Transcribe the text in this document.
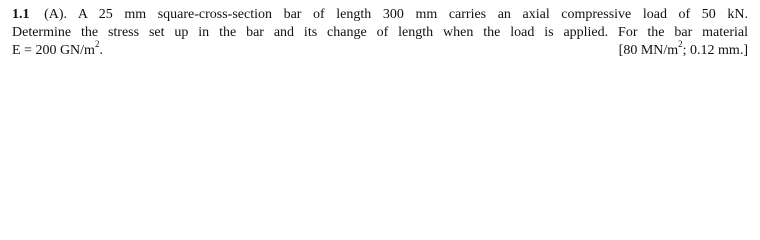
1.1 (A). A 25 mm square-cross-section bar of length 300 mm carries an axial compressive load of 50 kN.
Determine the stress set up in the bar and its change of length when the load is applied. For the bar material
E = 200 $GN/m^2$.	[80 $MN/m^2$; 0.12 mm.]
